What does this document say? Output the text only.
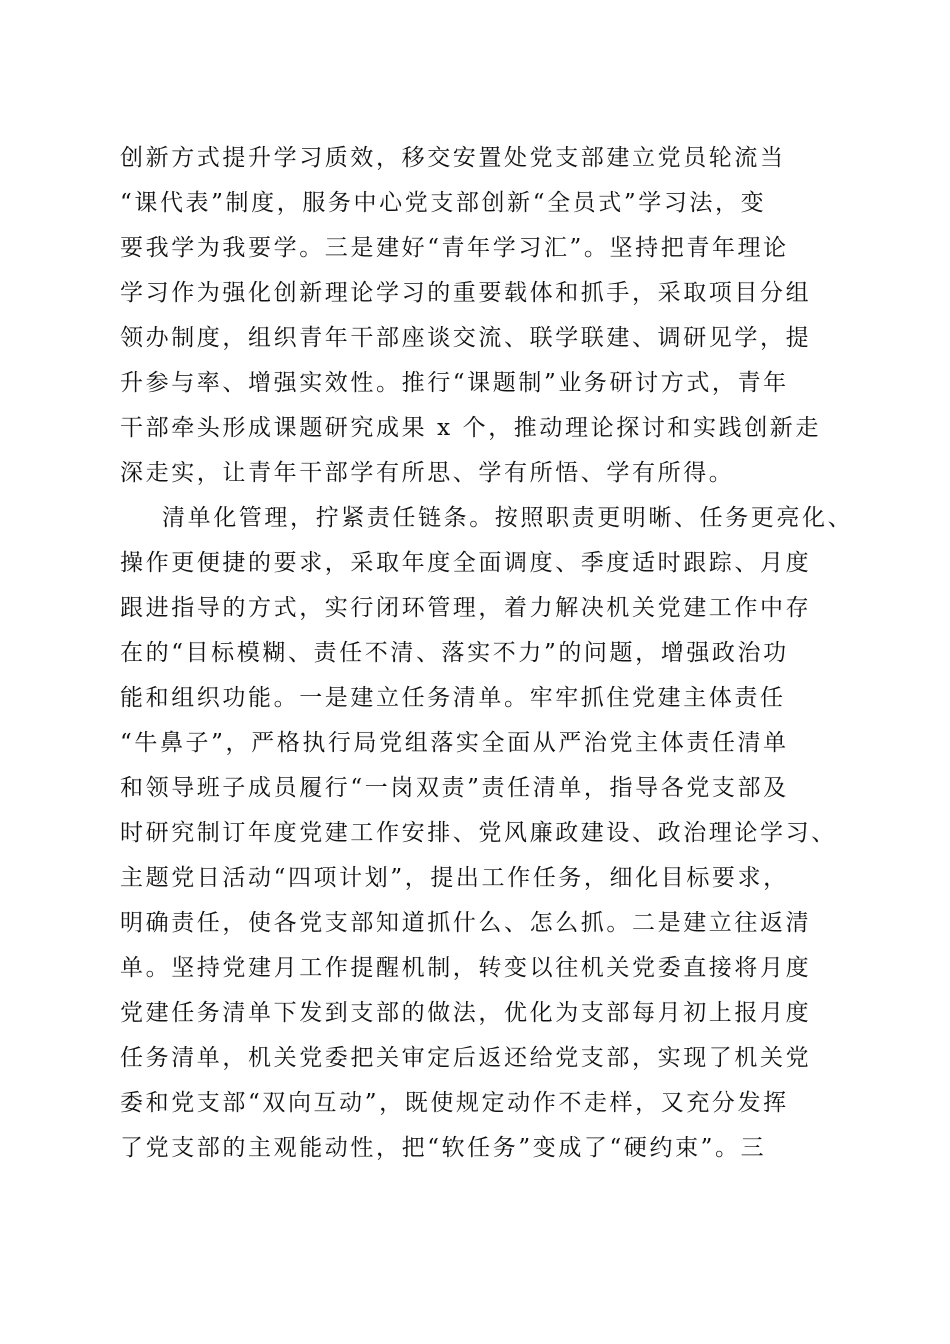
创新方式提升学习质效，移交安置处党支部建立党员轮流当
“课代表”制度，服务中心党支部创新“全员式”学习法，变
要我学为我要学。三是建好“青年学习汇”。坚持把青年理论
学习作为强化创新理论学习的重要载体和抓手，采取项目分组
领办制度，组织青年干部座谈交流、联学联建、调研见学，提
升参与率、增强实效性。推行“课题制”业务研讨方式，青年
干部牵头形成课题研究成果 x 个，推动理论探讨和实践创新走
深走实，让青年干部学有所思、学有所悟、学有所得。
清单化管理，拧紧责任链条。按照职责更明晰、任务更亮化、
操作更便捷的要求，采取年度全面调度、季度适时跟踪、月度
跟进指导的方式，实行闭环管理，着力解决机关党建工作中存
在的“目标模糊、责任不清、落实不力”的问题，增强政治功
能和组织功能。一是建立任务清单。牢牢抓住党建主体责任
“牛鼻子”，严格执行局党组落实全面从严治党主体责任清单
和领导班子成员履行“一岗双责”责任清单，指导各党支部及
时研究制订年度党建工作安排、党风廉政建设、政治理论学习、
主题党日活动“四项计划”，提出工作任务，细化目标要求，
明确责任，使各党支部知道抓什么、怎么抓。二是建立往返清
单。坚持党建月工作提醒机制，转变以往机关党委直接将月度
党建任务清单下发到支部的做法，优化为支部每月初上报月度
任务清单，机关党委把关审定后返还给党支部，实现了机关党
委和党支部“双向互动”，既使规定动作不走样，又充分发挥
了党支部的主观能动性，把“软任务”变成了“硬约束”。三
